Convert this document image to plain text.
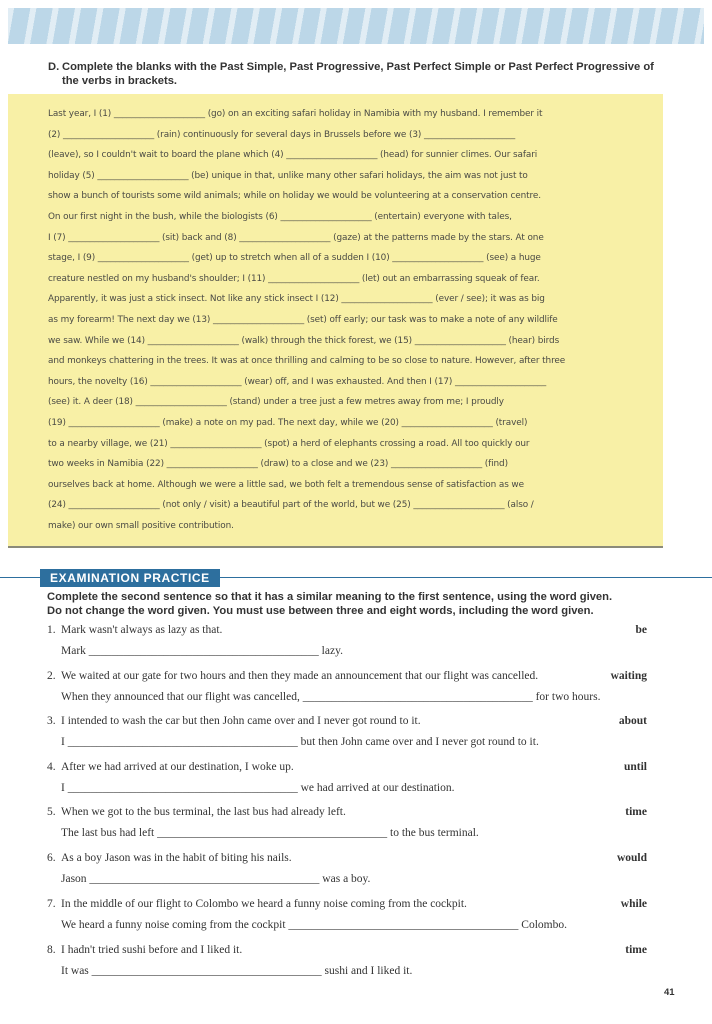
D. Complete the blanks with the Past Simple, Past Progressive, Past Perfect Simple or Past Perfect Progressive of the verbs in brackets.
Last year, I (1) _____________________ (go) on an exciting safari holiday in Namibia with my husband. I remember it
(2) _____________________ (rain) continuously for several days in Brussels before we (3) _____________________
(leave), so I couldn't wait to board the plane which (4) _____________________ (head) for sunnier climes. Our safari
holiday (5) _____________________ (be) unique in that, unlike many other safari holidays, the aim was not just to
show a bunch of tourists some wild animals; while on holiday we would be volunteering at a conservation centre.
On our first night in the bush, while the biologists (6) _____________________ (entertain) everyone with tales,
I (7) _____________________ (sit) back and (8) _____________________ (gaze) at the patterns made by the stars. At one
stage, I (9) _____________________ (get) up to stretch when all of a sudden I (10) _____________________ (see) a huge
creature nestled on my husband's shoulder; I (11) _____________________ (let) out an embarrassing squeak of fear.
Apparently, it was just a stick insect. Not like any stick insect I (12) _____________________ (ever / see); it was as big
as my forearm! The next day we (13) _____________________ (set) off early; our task was to make a note of any wildlife
we saw. While we (14) _____________________ (walk) through the thick forest, we (15) _____________________ (hear) birds
and monkeys chattering in the trees. It was at once thrilling and calming to be so close to nature. However, after three
hours, the novelty (16) _____________________ (wear) off, and I was exhausted. And then I (17) _____________________
(see) it. A deer (18) _____________________ (stand) under a tree just a few metres away from me; I proudly
(19) _____________________ (make) a note on my pad. The next day, while we (20) _____________________ (travel)
to a nearby village, we (21) _____________________ (spot) a herd of elephants crossing a road. All too quickly our
two weeks in Namibia (22) _____________________ (draw) to a close and we (23) _____________________ (find)
ourselves back at home. Although we were a little sad, we both felt a tremendous sense of satisfaction as we
(24) _____________________ (not only / visit) a beautiful part of the world, but we (25) _____________________ (also /
make) our own small positive contribution.
EXAMINATION PRACTICE
Complete the second sentence so that it has a similar meaning to the first sentence, using the word given.
Do not change the word given. You must use between three and eight words, including the word given.
1. Mark wasn't always as lazy as that.	be
Mark ________________________________________ lazy.
2. We waited at our gate for two hours and then they made an announcement that our flight was cancelled.	waiting
When they announced that our flight was cancelled, ________________________________________ for two hours.
3. I intended to wash the car but then John came over and I never got round to it.	about
I ________________________________________ but then John came over and I never got round to it.
4. After we had arrived at our destination, I woke up.	until
I ________________________________________ we had arrived at our destination.
5. When we got to the bus terminal, the last bus had already left.	time
The last bus had left ________________________________________ to the bus terminal.
6. As a boy Jason was in the habit of biting his nails.	would
Jason ________________________________________ was a boy.
7. In the middle of our flight to Colombo we heard a funny noise coming from the cockpit.	while
We heard a funny noise coming from the cockpit ________________________________________ Colombo.
8. I hadn't tried sushi before and I liked it.	time
It was ________________________________________ sushi and I liked it.
41
